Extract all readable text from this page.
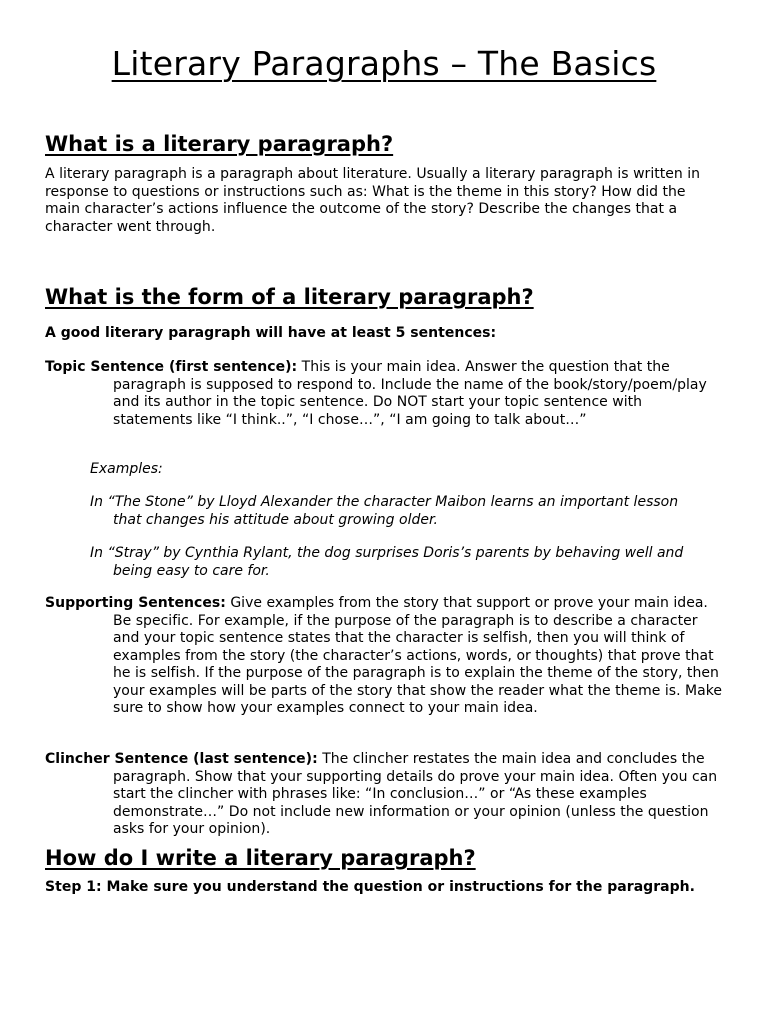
Literary Paragraphs – The Basics
What is a literary paragraph?

A literary paragraph is a paragraph about literature. Usually a literary paragraph is written in response to questions or instructions such as: What is the theme in this story? How did the main character’s actions influence the outcome of the story? Describe the changes that a character went through.

What is the form of a literary paragraph?

A good literary paragraph will have at least 5 sentences:

Topic Sentence (first sentence): This is your main idea. Answer the question that the paragraph is supposed to respond to. Include the name of the book/story/poem/play and its author in the topic sentence. Do NOT start your topic sentence with statements like “I think..”, “I chose…”, “I am going to talk about…”

Examples:

In “The Stone” by Lloyd Alexander the character Maibon learns an important lesson that changes his attitude about growing older.

In “Stray” by Cynthia Rylant, the dog surprises Doris’s parents by behaving well and being easy to care for.

Supporting Sentences: Give examples from the story that support or prove your main idea. Be specific. For example, if the purpose of the paragraph is to describe a character and your topic sentence states that the character is selfish, then you will think of examples from the story (the character’s actions, words, or thoughts) that prove that he is selfish. If the purpose of the paragraph is to explain the theme of the story, then your examples will be parts of the story that show the reader what the theme is. Make sure to show how your examples connect to your main idea.

Clincher Sentence (last sentence): The clincher restates the main idea and concludes the paragraph. Show that your supporting details do prove your main idea. Often you can start the clincher with phrases like: “In conclusion…” or “As these examples demonstrate…” Do not include new information or your opinion (unless the question asks for your opinion).

How do I write a literary paragraph?

Step 1: Make sure you understand the question or instructions for the paragraph.
